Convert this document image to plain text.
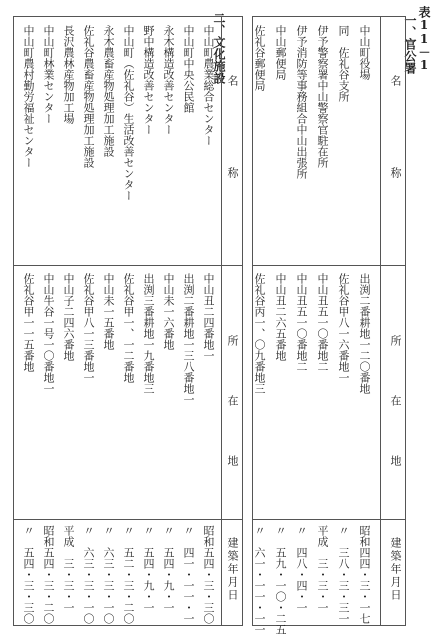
表11－1
一、官公署
名
称
所
在
地
建築年月日
中山町役場
出渕二番耕地一二〇番地
昭和四四・三・一七
同　佐礼谷支所
佐礼谷甲八一六番地一
〃　三八・三・三一
伊予警察署中山警察官駐在所
中山丑五一〇番地二
平成　三・三・一
伊予消防等事務組合中山出張所
中山丑五一〇番地二
〃　四八・四・一
中山郵便局
中山丑二六五番地
〃　五九・一〇・二五
佐礼谷郵便局
佐礼谷丙一、〇九番地三
〃　六一・一一・一一
二、文化施設 名
称
所
在
地
建築年月日
中山町農業総合センター
中山丑二四番地一
昭和五四・三・三〇
中山町中央公民館
出渕二番耕地一三八番地一
〃　四一・一一・一
永木構造改善センター
中山未一六番地
〃　五四・九・一
野中構造改善センター
出渕三番耕地一九番地三
〃　五四・九・一
中山町（佐礼谷）生活改善センター
佐礼谷甲一、一二番地
〃　五二・三・二〇
永木農畜産物処理加工施設
中山未一五番地
〃　六三・三・一〇
佐礼谷農畜産物処理加工施設
佐礼谷甲八一三番地一
〃　六三・三・一〇
長沢農林産物加工場
中山子二四六番地
平成　三・三・一
中山町林業センター
中山牛谷一号一〇番地一
昭和五四・三・二〇
中山町農村勤労福祉センター
佐礼谷甲一一五番地
〃　五四・三・三〇
